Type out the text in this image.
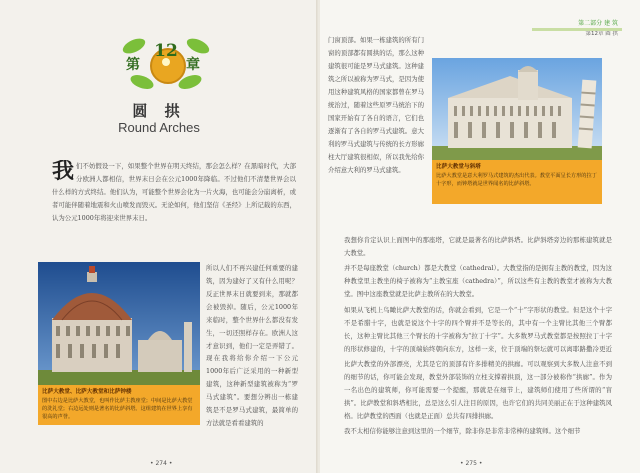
12
第	章
圆 拱
Round Arches
我 们不妨假设一下，如果整个世界在明天终结，那会怎么样？在黑暗时代，大部分欧洲人都相信，世界末日会在公元1000年降临。不过他们不清楚世界会以什么样的方式终结。他们认为，可能整个世界会化为一片火海，也可能会分崩离析，或者可能伴随着地震和火山喷发而毁灭。无论如何，他们坚信《圣经》上所记载的东西，认为公元1000年将迎来世界末日。

比萨大教堂、比萨大教堂和比萨钟楼
图中右边是比萨大教堂，也叫作比萨主教座堂；中间是比萨大教堂的洗礼堂；右边远处则是著名的比萨斜塔。这组建筑在世界上享有很高的声誉。
所以人们不再兴建任何重要的建筑，因为建好了又有什么用呢？反正世界末日就要到来，那就都会被毁掉。随后，公元1000年来临时，整个世界什么都没有发生，一切还照样存在。欧洲人这才意识到，他们一定是弄错了。
现在我将给你介绍一下公元1000年后广泛采用的一种新型建筑，这种新型建筑被称为“罗马式建筑”。要想分辨出一栋建筑是不是罗马式建筑，最简单的方法就是看看建筑的
• 274 •
第二部分 建 筑
第12章 圆 拱
门窗顶部。如果一栋建筑的所有门窗的顶部都有圆拱的话，那么这种建筑很可能是罗马式建筑。这种建筑之所以被称为罗马式，是因为使用这种建筑风格的国家都曾在罗马统治过，随着这些原罗马统治下的国家开始有了各自的语言，它们也逐渐有了各自的罗马式建筑。意大利的罗马式建筑与传统的长方形廊柱大厅建筑很相似，所以我先给你介绍意大利的罗马式建筑。	比萨大教堂与斜塔
比萨大教堂是意大利罗马式建筑的杰出代表。教堂平面呈长方形的拉丁十字形，而钟塔就是世界闻名的比萨斜塔。
我想你肯定认识上面图中的那座塔，它就是最著名的比萨斜塔。比萨斜塔旁边的那栋建筑就是大教堂。
并不是每座教堂（church）都是大教堂（cathedral）。大教堂指的是拥有主教的教堂，因为这种教堂里主教坐的椅子被称为“主教宝座（cathedra）”，所以这些有主教的教堂才被称为大教堂。图中这座教堂就是比萨主教所在的大教堂。
如果从飞机上鸟瞰比萨大教堂的话，你就会看到，它是一个“十”字形状的教堂。但是这个十字不是希腊十字，也就是说这个十字的四个臂并不是等长的，其中有一个主臂比其他三个臂都长，这种主臂比其他三个臂长的十字被称为“拉丁十字”。大多数罗马式教堂都是按照拉丁十字的形状修建的，十字的顶端始终朝向东方，这样一来，位于顶端的祭坛就可以离耶路撒冷更近
比萨大教堂的外部漂亮，尤其是它的顶部有许多排精美的拱廊。可以观察到大多数人注意不到的细节的话，你可能会发现，教堂外部装饰的立柱支撑着拱顶，这一部分被称作“拱廊”。作为一名出色的建筑师，你可能需要一个提醒，那就是在细节上，建筑师们使用了些所谓的“盲拱”。比萨教堂和斜塔相比，总是这么引人注目的原因，也许它们的共同美丽正在于这种建筑风格。比萨教堂的西面（也就是正面）总共有四排拱廊。
我不太相信你能够注意到这里的一个细节，除非你是非常非常棒的建筑师。这个细节
• 275 •
